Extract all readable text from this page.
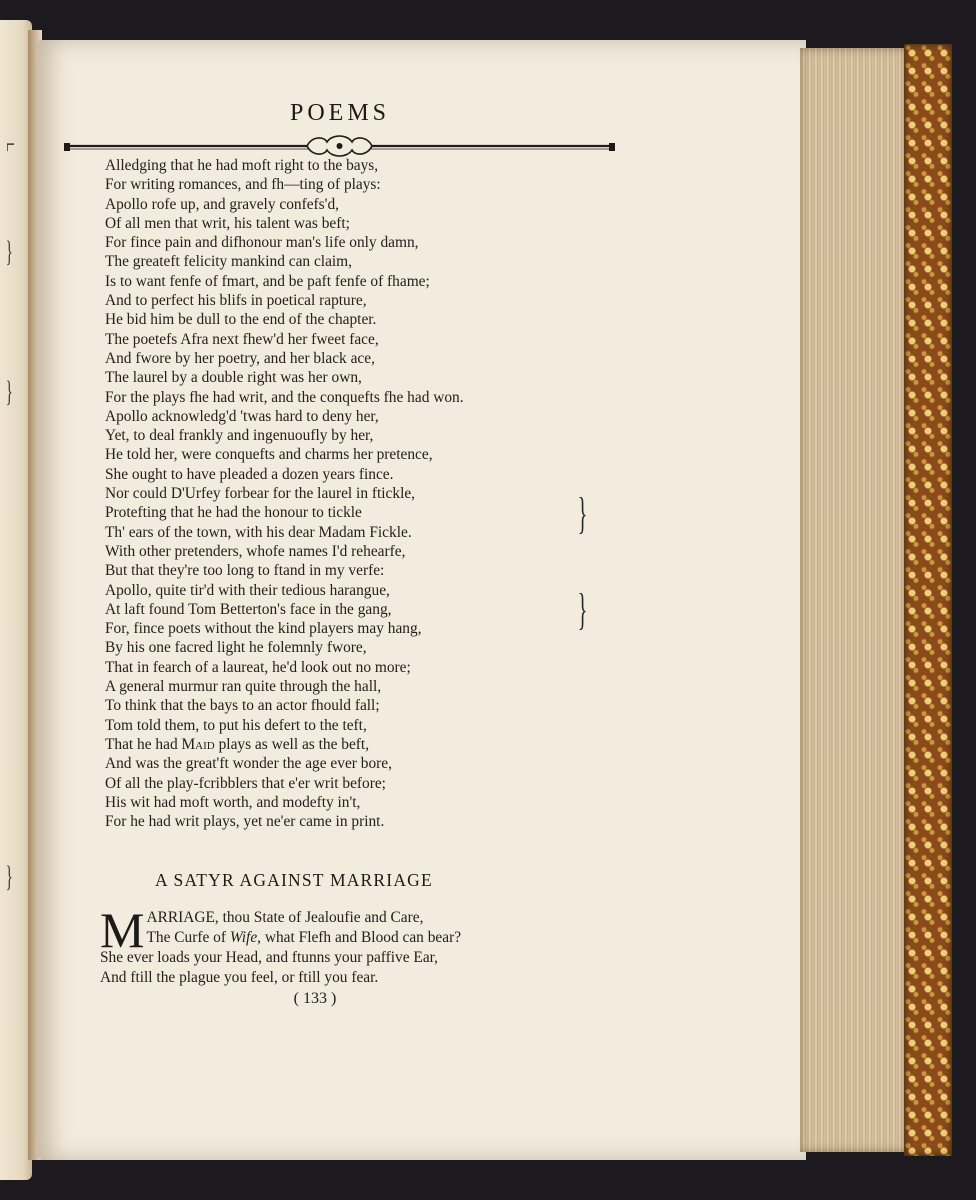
⌐
}
}
}
POEMS
Alledging that he had moft right to the bays,
For writing romances, and fh—ting of plays:
Apollo rofe up, and gravely confefs'd,
Of all men that writ, his talent was beft;
For fince pain and difhonour man's life only damn,
The greateft felicity mankind can claim,
Is to want fenfe of fmart, and be paft fenfe of fhame;
And to perfect his blifs in poetical rapture,
He bid him be dull to the end of the chapter.
The poetefs Afra next fhew'd her fweet face,
And fwore by her poetry, and her black ace,
The laurel by a double right was her own,
For the plays fhe had writ, and the conquefts fhe had won.
Apollo acknowledg'd 'twas hard to deny her,
Yet, to deal frankly and ingenuoufly by her,
He told her, were conquefts and charms her pretence,
She ought to have pleaded a dozen years fince.
Nor could D'Urfey forbear for the laurel in ftickle,
Protefting that he had the honour to tickle
Th' ears of the town, with his dear Madam Fickle.
With other pretenders, whofe names I'd rehearfe,
But that they're too long to ftand in my verfe:
Apollo, quite tir'd with their tedious harangue,
At laft found Tom Betterton's face in the gang,
For, fince poets without the kind players may hang,
By his one facred light he folemnly fwore,
That in fearch of a laureat, he'd look out no more;
A general murmur ran quite through the hall,
To think that the bays to an actor fhould fall;
Tom told them, to put his defert to the teft,
That he had Maid plays as well as the beft,
And was the great'ft wonder the age ever bore,
Of all the play-fcribblers that e'er writ before;
His wit had moft worth, and modefty in't,
For he had writ plays, yet ne'er came in print.
}
}
A SATYR AGAINST MARRIAGE
M ARRIAGE, thou State of Jealoufie and Care,
The Curfe of Wife, what Flefh and Blood can bear?
She ever loads your Head, and ftunns your paffive Ear,
And ftill the plague you feel, or ftill you fear.
( 133 )
